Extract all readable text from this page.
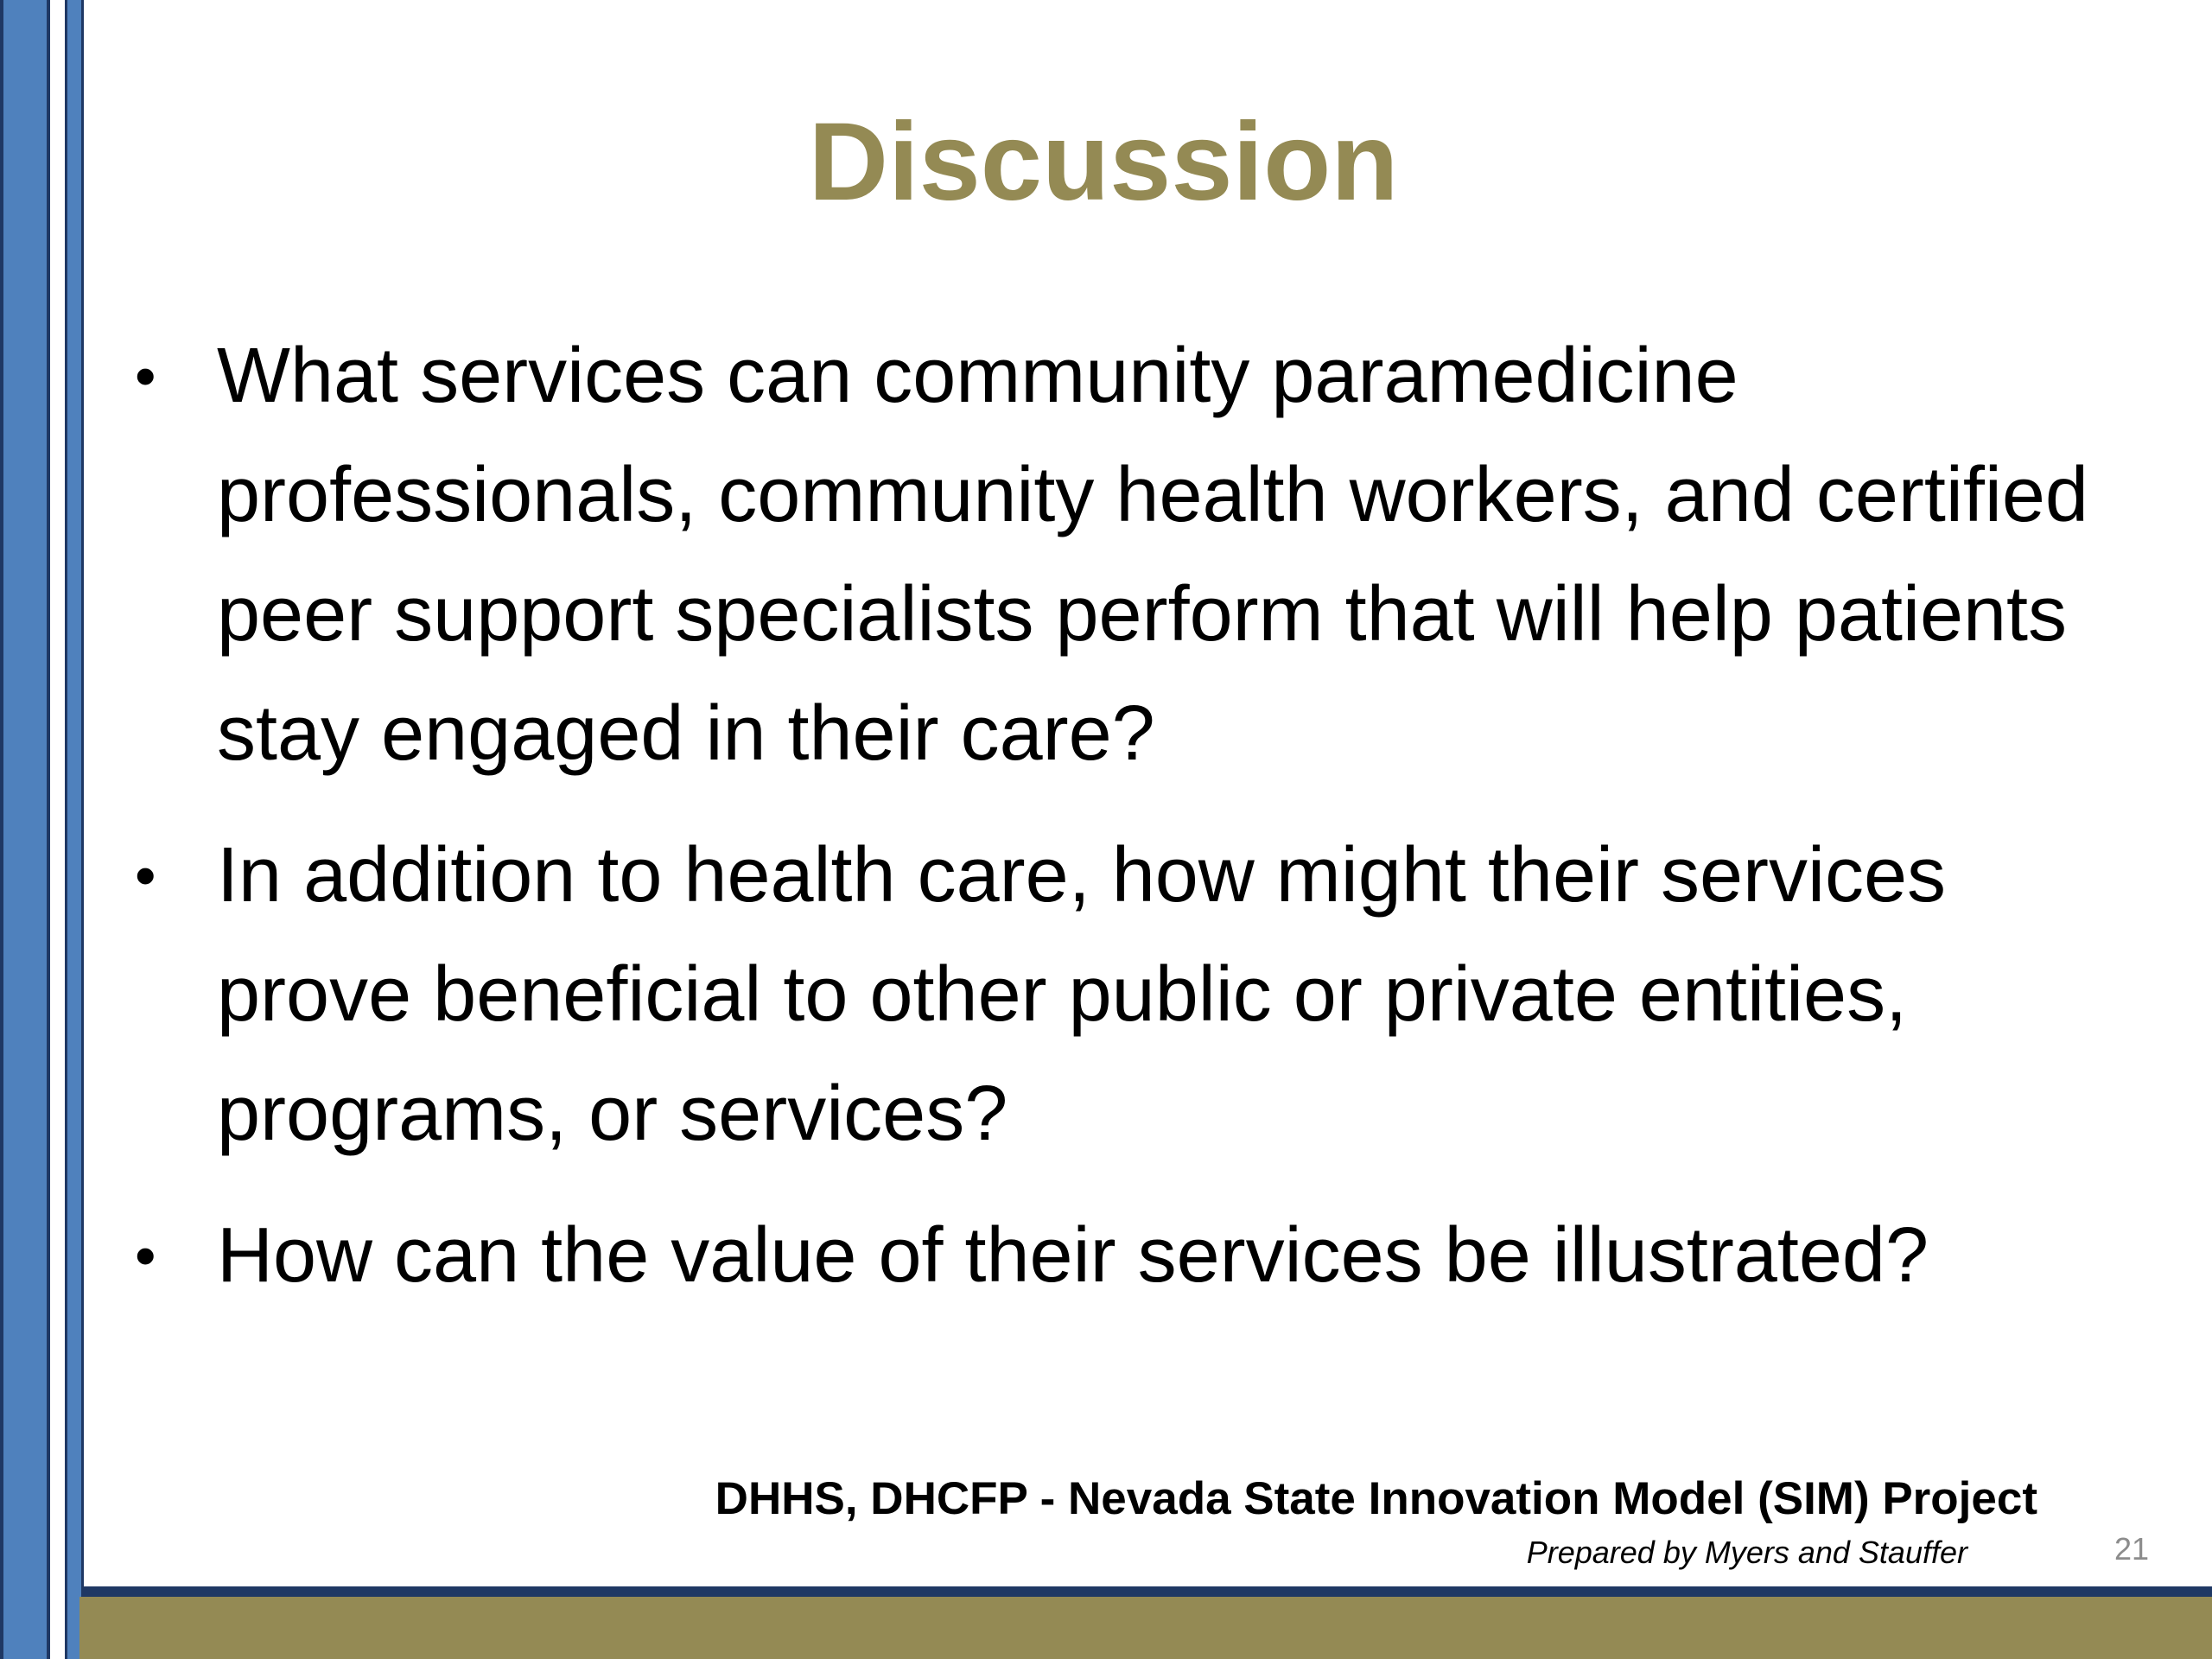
Discussion
• What services can community paramedicine professionals, community health workers, and certified peer support specialists perform that will help patients stay engaged in their care?
• In addition to health care, how might their services prove beneficial to other public or private entities, programs, or services?
• How can the value of their services be illustrated?
DHHS, DHCFP - Nevada State Innovation Model (SIM) Project
Prepared by Myers and Stauffer	21
